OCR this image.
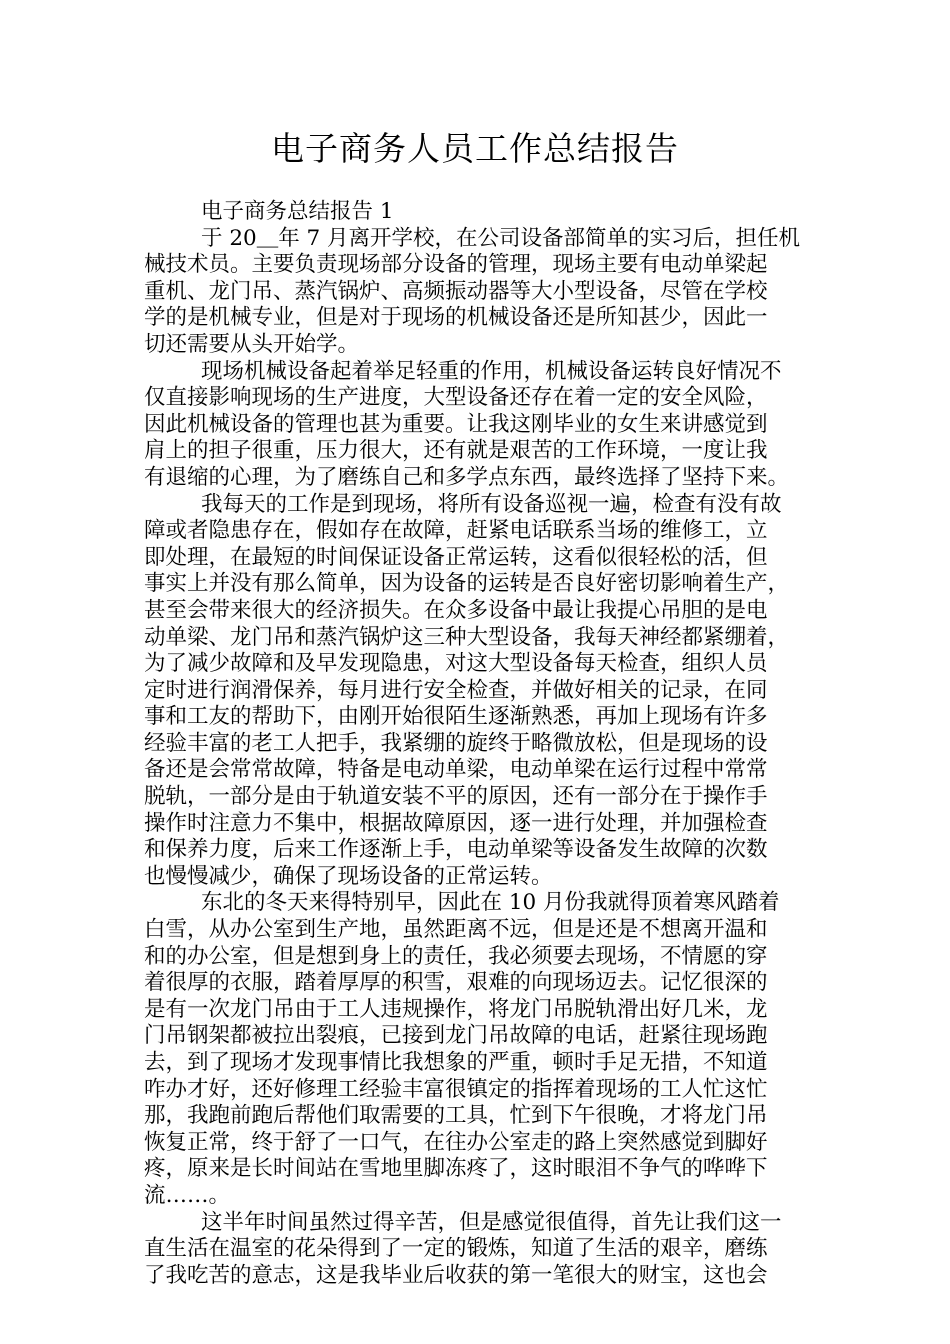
电子商务人员工作总结报告
电子商务总结报告 1
于 20＿年 7 月离开学校，在公司设备部简单的实习后，担任机
械技术员。主要负责现场部分设备的管理，现场主要有电动单梁起
重机、龙门吊、蒸汽锅炉、高频振动器等大小型设备，尽管在学校
学的是机械专业，但是对于现场的机械设备还是所知甚少，因此一
切还需要从头开始学。
现场机械设备起着举足轻重的作用，机械设备运转良好情况不
仅直接影响现场的生产进度，大型设备还存在着一定的安全风险，
因此机械设备的管理也甚为重要。让我这刚毕业的女生来讲感觉到
肩上的担子很重，压力很大，还有就是艰苦的工作环境，一度让我
有退缩的心理，为了磨练自己和多学点东西，最终选择了坚持下来。
我每天的工作是到现场，将所有设备巡视一遍，检查有没有故
障或者隐患存在，假如存在故障，赶紧电话联系当场的维修工，立
即处理，在最短的时间保证设备正常运转，这看似很轻松的活，但
事实上并没有那么简单，因为设备的运转是否良好密切影响着生产，
甚至会带来很大的经济损失。在众多设备中最让我提心吊胆的是电
动单梁、龙门吊和蒸汽锅炉这三种大型设备，我每天神经都紧绷着，
为了减少故障和及早发现隐患，对这大型设备每天检查，组织人员
定时进行润滑保养，每月进行安全检查，并做好相关的记录，在同
事和工友的帮助下，由刚开始很陌生逐渐熟悉，再加上现场有许多
经验丰富的老工人把手，我紧绷的旋终于略微放松，但是现场的设
备还是会常常故障，特备是电动单梁，电动单梁在运行过程中常常
脱轨，一部分是由于轨道安装不平的原因，还有一部分在于操作手
操作时注意力不集中，根据故障原因，逐一进行处理，并加强检查
和保养力度，后来工作逐渐上手，电动单梁等设备发生故障的次数
也慢慢减少，确保了现场设备的正常运转。
东北的冬天来得特别早，因此在 10 月份我就得顶着寒风踏着
白雪，从办公室到生产地，虽然距离不远，但是还是不想离开温和
和的办公室，但是想到身上的责任，我必须要去现场，不情愿的穿
着很厚的衣服，踏着厚厚的积雪，艰难的向现场迈去。记忆很深的
是有一次龙门吊由于工人违规操作，将龙门吊脱轨滑出好几米，龙
门吊钢架都被拉出裂痕，已接到龙门吊故障的电话，赶紧往现场跑
去，到了现场才发现事情比我想象的严重，顿时手足无措，不知道
咋办才好，还好修理工经验丰富很镇定的指挥着现场的工人忙这忙
那，我跑前跑后帮他们取需要的工具，忙到下午很晚，才将龙门吊
恢复正常，终于舒了一口气，在往办公室走的路上突然感觉到脚好
疼，原来是长时间站在雪地里脚冻疼了，这时眼泪不争气的哗哗下
流……。
这半年时间虽然过得辛苦，但是感觉很值得，首先让我们这一
直生活在温室的花朵得到了一定的锻炼，知道了生活的艰辛，磨练
了我吃苦的意志，这是我毕业后收获的第一笔很大的财宝，这也会
